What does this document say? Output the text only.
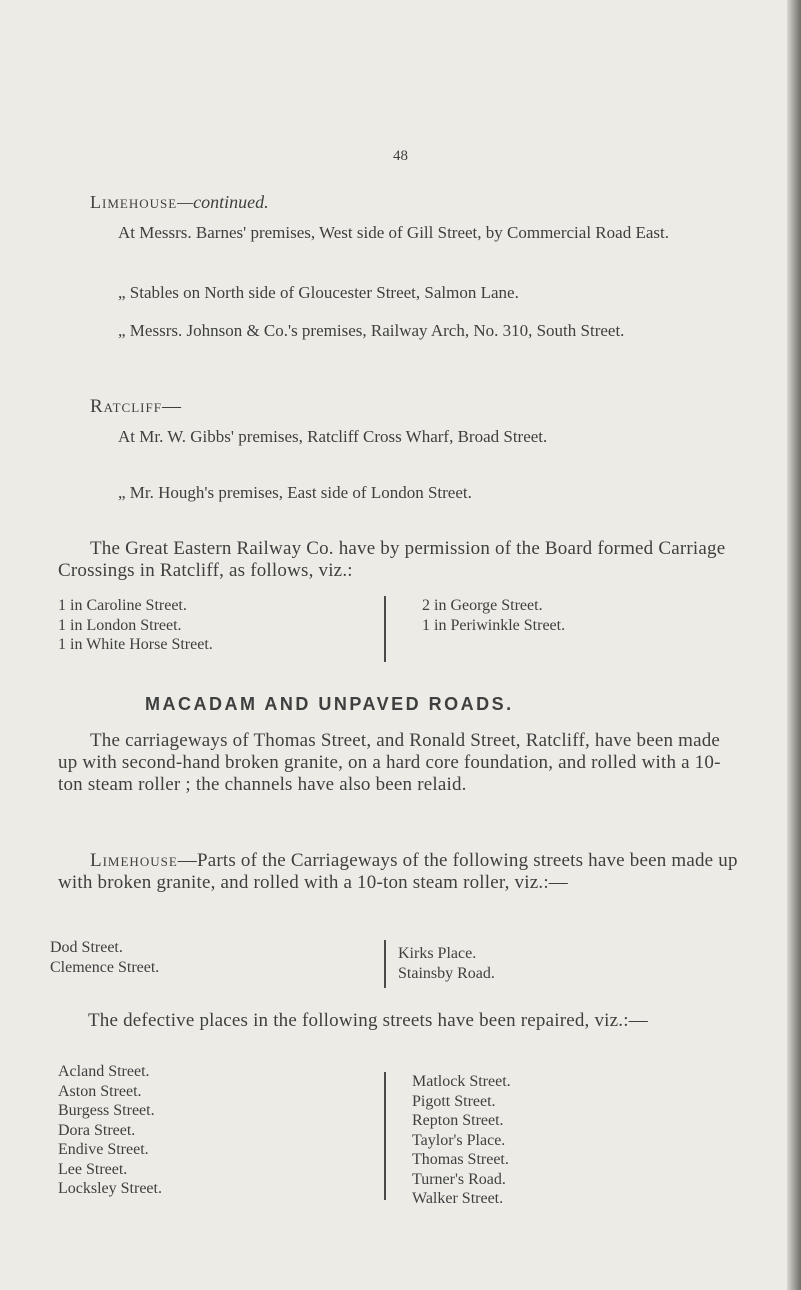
48
Limehouse—continued.
At Messrs. Barnes' premises, West side of Gill Street, by Commercial Road East.
„ Stables on North side of Gloucester Street, Salmon Lane.
„ Messrs. Johnson & Co.'s premises, Railway Arch, No. 310, South Street.
Ratcliff—
At Mr. W. Gibbs' premises, Ratcliff Cross Wharf, Broad Street.
„ Mr. Hough's premises, East side of London Street.
The Great Eastern Railway Co. have by permission of the Board formed Carriage Crossings in Ratcliff, as follows, viz.:
1 in Caroline Street.
1 in London Street.
1 in White Horse Street.
2 in George Street.
1 in Periwinkle Street.
MACADAM AND UNPAVED ROADS.
The carriageways of Thomas Street, and Ronald Street, Ratcliff, have been made up with second-hand broken granite, on a hard core foundation, and rolled with a 10-ton steam roller ; the channels have also been relaid.
Limehouse—Parts of the Carriageways of the following streets have been made up with broken granite, and rolled with a 10-ton steam roller, viz.:—
Dod Street.
Clemence Street.
Kirks Place.
Stainsby Road.
The defective places in the following streets have been repaired, viz.:—
Acland Street.
Aston Street.
Burgess Street.
Dora Street.
Endive Street.
Lee Street.
Locksley Street.
Matlock Street.
Pigott Street.
Repton Street.
Taylor's Place.
Thomas Street.
Turner's Road.
Walker Street.
